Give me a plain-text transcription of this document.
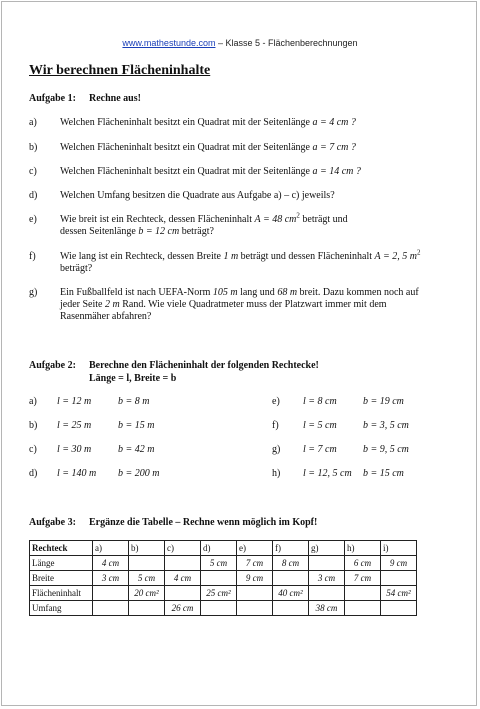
www.mathestunde.com – Klasse 5 - Flächenberechnungen
Wir berechnen Flächeninhalte
Aufgabe 1: Rechne aus!
a) Welchen Flächeninhalt besitzt ein Quadrat mit der Seitenlänge a = 4 cm ?
b) Welchen Flächeninhalt besitzt ein Quadrat mit der Seitenlänge a = 7 cm ?
c) Welchen Flächeninhalt besitzt ein Quadrat mit der Seitenlänge a = 14 cm ?
d) Welchen Umfang besitzen die Quadrate aus Aufgabe a) – c) jeweils?
e) Wie breit ist ein Rechteck, dessen Flächeninhalt A = 48 $cm^2$ beträgt und
dessen Seitenlänge b = 12 cm beträgt?
f) Wie lang ist ein Rechteck, dessen Breite 1 m beträgt und dessen Flächeninhalt A = 2, 5 $m^2$
beträgt?
g) Ein Fußballfeld ist nach UEFA-Norm 105 m lang und 68 m breit. Dazu kommen noch auf
jeder Seite 2 m Rand. Wie viele Quadratmeter muss der Platzwart immer mit dem
Rasenmäher abfahren?
Aufgabe 2: Berechne den Flächeninhalt der folgenden Rechtecke!
Länge = l, Breite = b
a) l = 12 m	b = 8 m
b) l = 25 m	b = 15 m
c) l = 30 m	b = 42 m
d) l = 140 m b = 200 m
e) l = 8 cm	b = 19 cm
f) l = 5 cm	b = 3, 5 cm
g) l = 7 cm	b = 9, 5 cm
h) l = 12, 5 cm b = 15 cm
Aufgabe 3: Ergänze die Tabelle – Rechne wenn möglich im Kopf!
Rechteck	a)	b)	c)	d)	e)	f)	g)	h)	i)
Länge	4 cm			5 cm	7 cm	8 cm		6 cm	9 cm
Breite	3 cm	5 cm	4 cm		9 cm		3 cm	7 cm	
Flächeninhalt		20 cm²		25 cm²		40 cm²			54 cm²
Umfang			26 cm				38 cm		
